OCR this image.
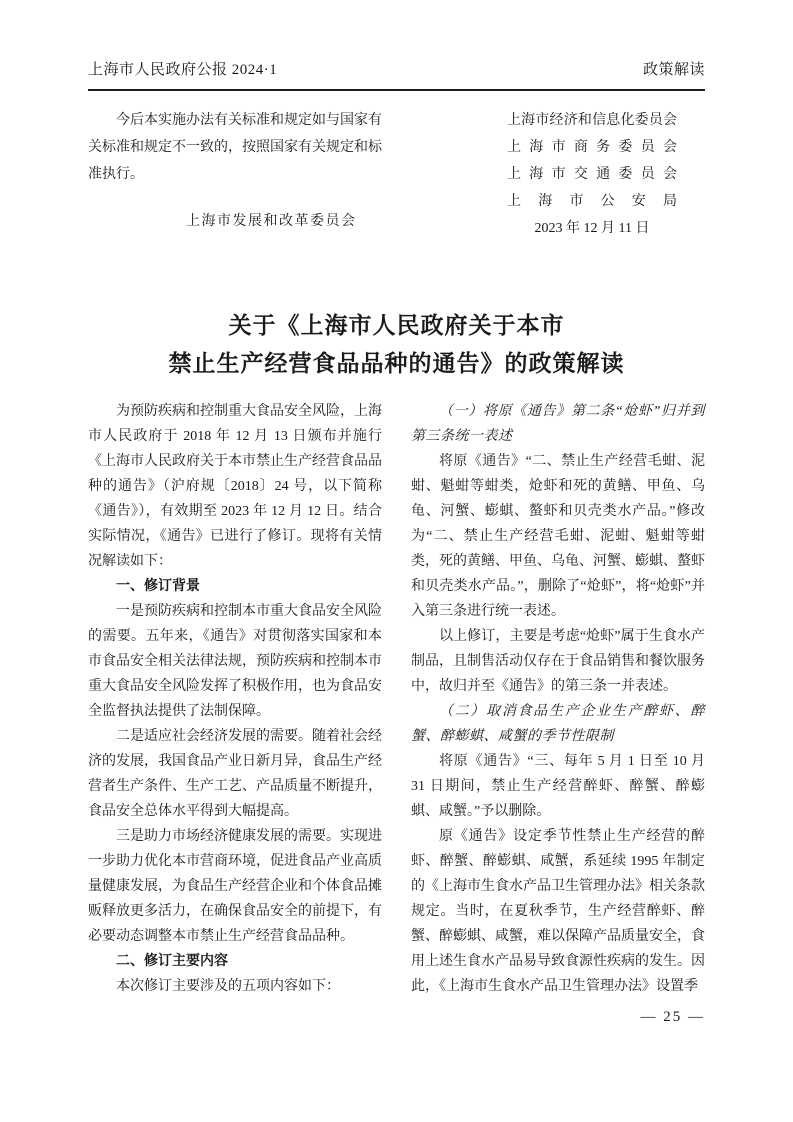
上海市人民政府公报 2024·1	政策解读

今后本实施办法有关标准和规定如与国家有关标准和规定不一致的，按照国家有关规定和标准执行。

上海市发展和改革委员会
上海市经济和信息化委员会
上海市商务委员会
上海市交通委员会
上海市公安局
2023 年 12 月 11 日
关于《上海市人民政府关于本市
禁止生产经营食品品种的通告》的政策解读

为预防疾病和控制重大食品安全风险，上海市人民政府于 2018 年 12 月 13 日颁布并施行《上海市人民政府关于本市禁止生产经营食品品种的通告》（沪府规〔2018〕24 号，以下简称《通告》），有效期至 2023 年 12 月 12 日。结合实际情况，《通告》已进行了修订。现将有关情况解读如下：

一、修订背景

一是预防疾病和控制本市重大食品安全风险的需要。五年来，《通告》对贯彻落实国家和本市食品安全相关法律法规，预防疾病和控制本市重大食品安全风险发挥了积极作用，也为食品安全监督执法提供了法制保障。

二是适应社会经济发展的需要。随着社会经济的发展，我国食品产业日新月异，食品生产经营者生产条件、生产工艺、产品质量不断提升，食品安全总体水平得到大幅提高。

三是助力市场经济健康发展的需要。实现进一步助力优化本市营商环境，促进食品产业高质量健康发展，为食品生产经营企业和个体食品摊贩释放更多活力，在确保食品安全的前提下，有必要动态调整本市禁止生产经营食品品种。

二、修订主要内容

本次修订主要涉及的五项内容如下：

（一）将原《通告》第二条“炝虾”归并到第三条统一表述

将原《通告》“二、禁止生产经营毛蚶、泥蚶、魁蚶等蚶类，炝虾和死的黄鳝、甲鱼、乌龟、河蟹、蟛蜞、螯虾和贝壳类水产品。”修改为“二、禁止生产经营毛蚶、泥蚶、魁蚶等蚶类，死的黄鳝、甲鱼、乌龟、河蟹、蟛蜞、螯虾和贝壳类水产品。”，删除了“炝虾”，将“炝虾”并入第三条进行统一表述。

以上修订，主要是考虑“炝虾”属于生食水产制品，且制售活动仅存在于食品销售和餐饮服务中，故归并至《通告》的第三条一并表述。

（二）取消食品生产企业生产醉虾、醉蟹、醉蟛蜞、咸蟹的季节性限制

将原《通告》“三、每年 5 月 1 日至 10 月 31 日期间，禁止生产经营醉虾、醉蟹、醉蟛蜞、咸蟹。”予以删除。

原《通告》设定季节性禁止生产经营的醉虾、醉蟹、醉蟛蜞、咸蟹，系延续 1995 年制定的《上海市生食水产品卫生管理办法》相关条款规定。当时，在夏秋季节，生产经营醉虾、醉蟹、醉蟛蜞、咸蟹，难以保障产品质量安全，食用上述生食水产品易导致食源性疾病的发生。因此，《上海市生食水产品卫生管理办法》设置季

— 25 —
